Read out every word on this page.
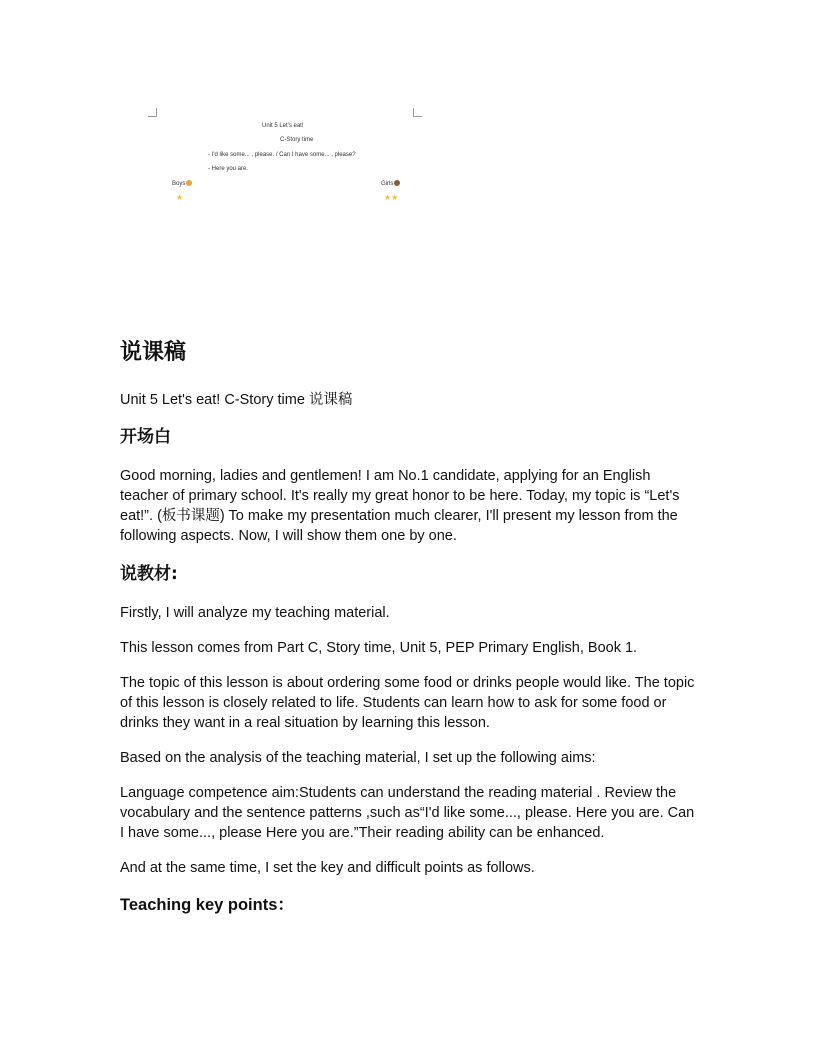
Unit 5 Let's eat!
C-Story time
- I'd like some... , please. / Can I have some... , please?
- Here you are.
Boys	Girls
★	★★
说课稿
Unit 5 Let's eat! C-Story time 说课稿
开场白

Good morning, ladies and gentlemen! I am No.1 candidate, applying for an English teacher of primary school. It's really my great honor to be here. Today, my topic is “Let's eat!”. (板书课题) To make my presentation much clearer, I'll present my lesson from the following aspects. Now, I will show them one by one.

说教材:

Firstly, I will analyze my teaching material.

This lesson comes from Part C, Story time, Unit 5, PEP Primary English, Book 1.

The topic of this lesson is about ordering some food or drinks people would like. The topic of this lesson is closely related to life. Students can learn how to ask for some food or drinks they want in a real situation by learning this lesson.

Based on the analysis of the teaching material, I set up the following aims:

Language competence aim:Students can understand the reading material . Review the vocabulary and the sentence patterns ,such as“I'd like some..., please. Here you are. Can I have some..., please Here you are.”Their reading ability can be enhanced.

And at the same time, I set the key and difficult points as follows.

Teaching key points：
